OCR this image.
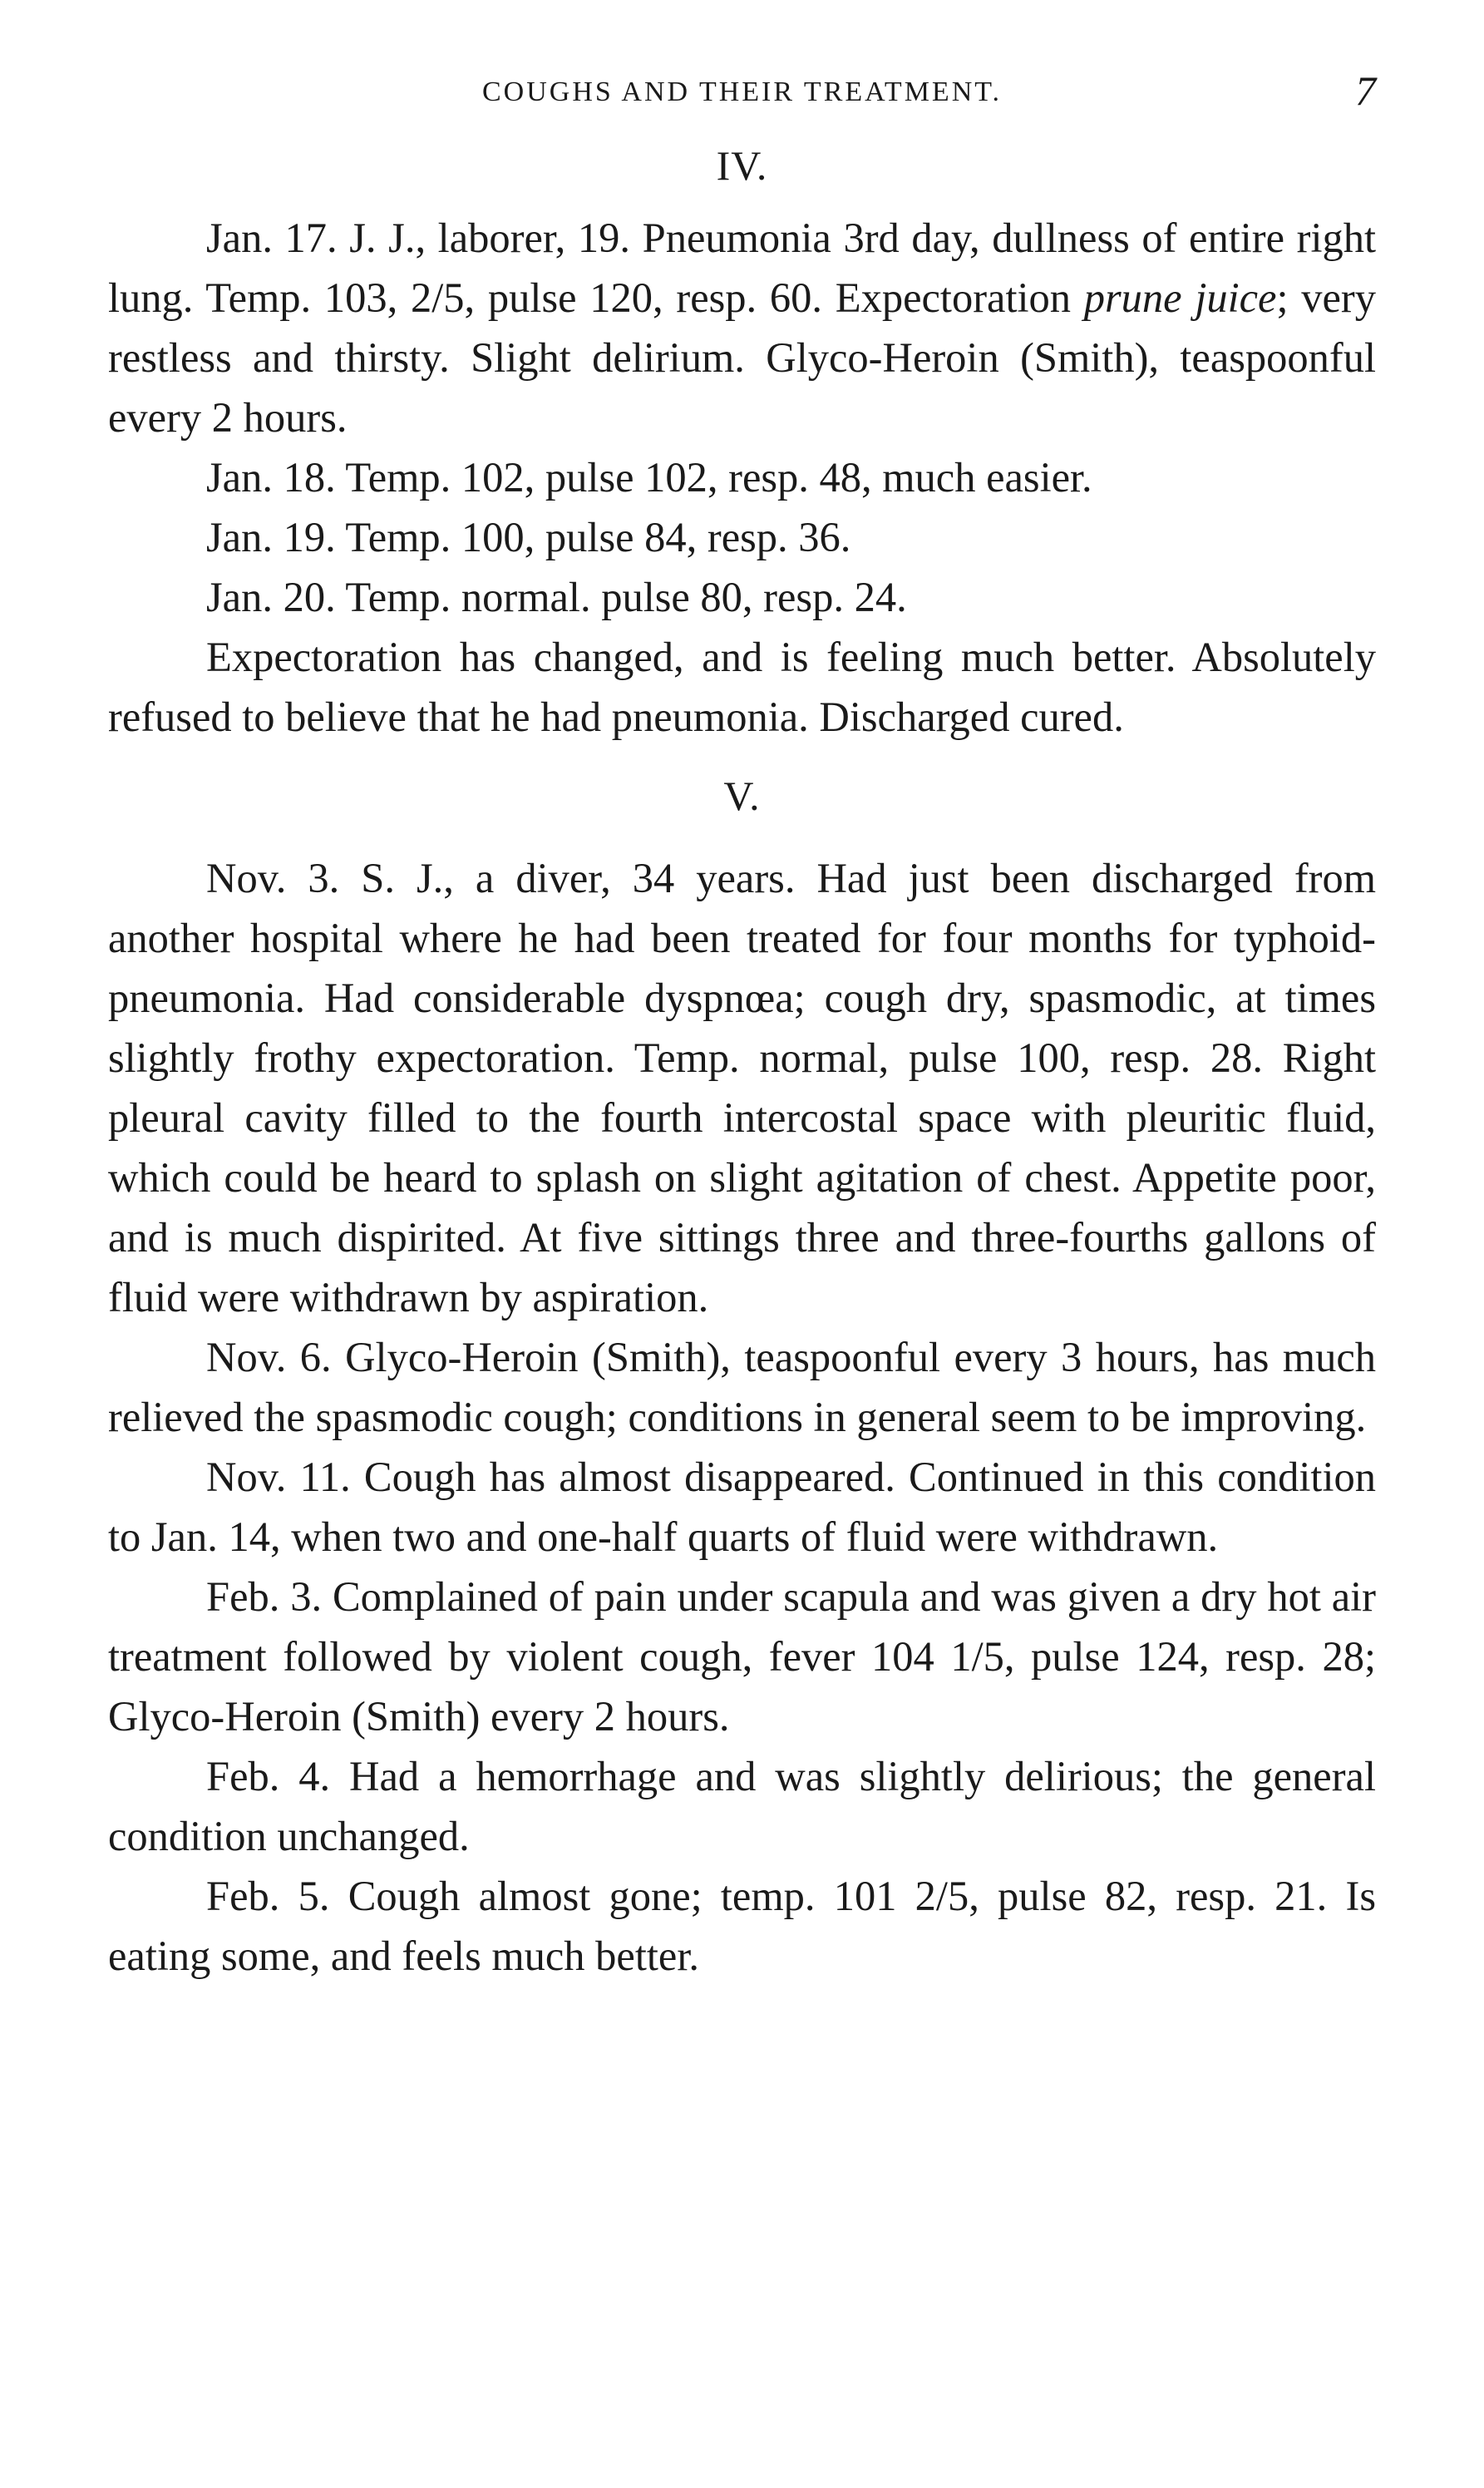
COUGHS AND THEIR TREATMENT.	7
IV.

Jan. 17. J. J., laborer, 19. Pneumonia 3rd day, dullness of entire right lung. Temp. 103, 2/5, pulse 120, resp. 60. Expectoration prune juice; very restless and thirsty. Slight delirium. Glyco-Heroin (Smith), teaspoonful every 2 hours.

Jan. 18. Temp. 102, pulse 102, resp. 48, much easier.

Jan. 19. Temp. 100, pulse 84, resp. 36.

Jan. 20. Temp. normal. pulse 80, resp. 24.

Expectoration has changed, and is feeling much better. Absolutely refused to believe that he had pneumonia. Discharged cured.

V.

Nov. 3. S. J., a diver, 34 years. Had just been discharged from another hospital where he had been treated for four months for typhoid-pneumonia. Had considerable dyspnœa; cough dry, spasmodic, at times slightly frothy expectoration. Temp. normal, pulse 100, resp. 28. Right pleural cavity filled to the fourth intercostal space with pleuritic fluid, which could be heard to splash on slight agitation of chest. Appetite poor, and is much dispirited. At five sittings three and three-fourths gallons of fluid were withdrawn by aspiration.

Nov. 6. Glyco-Heroin (Smith), teaspoonful every 3 hours, has much relieved the spasmodic cough; conditions in general seem to be improving.

Nov. 11. Cough has almost disappeared. Continued in this condition to Jan. 14, when two and one-half quarts of fluid were withdrawn.

Feb. 3. Complained of pain under scapula and was given a dry hot air treatment followed by violent cough, fever 104 1/5, pulse 124, resp. 28; Glyco-Heroin (Smith) every 2 hours.

Feb. 4. Had a hemorrhage and was slightly delirious; the general condition unchanged.

Feb. 5. Cough almost gone; temp. 101 2/5, pulse 82, resp. 21. Is eating some, and feels much better.
